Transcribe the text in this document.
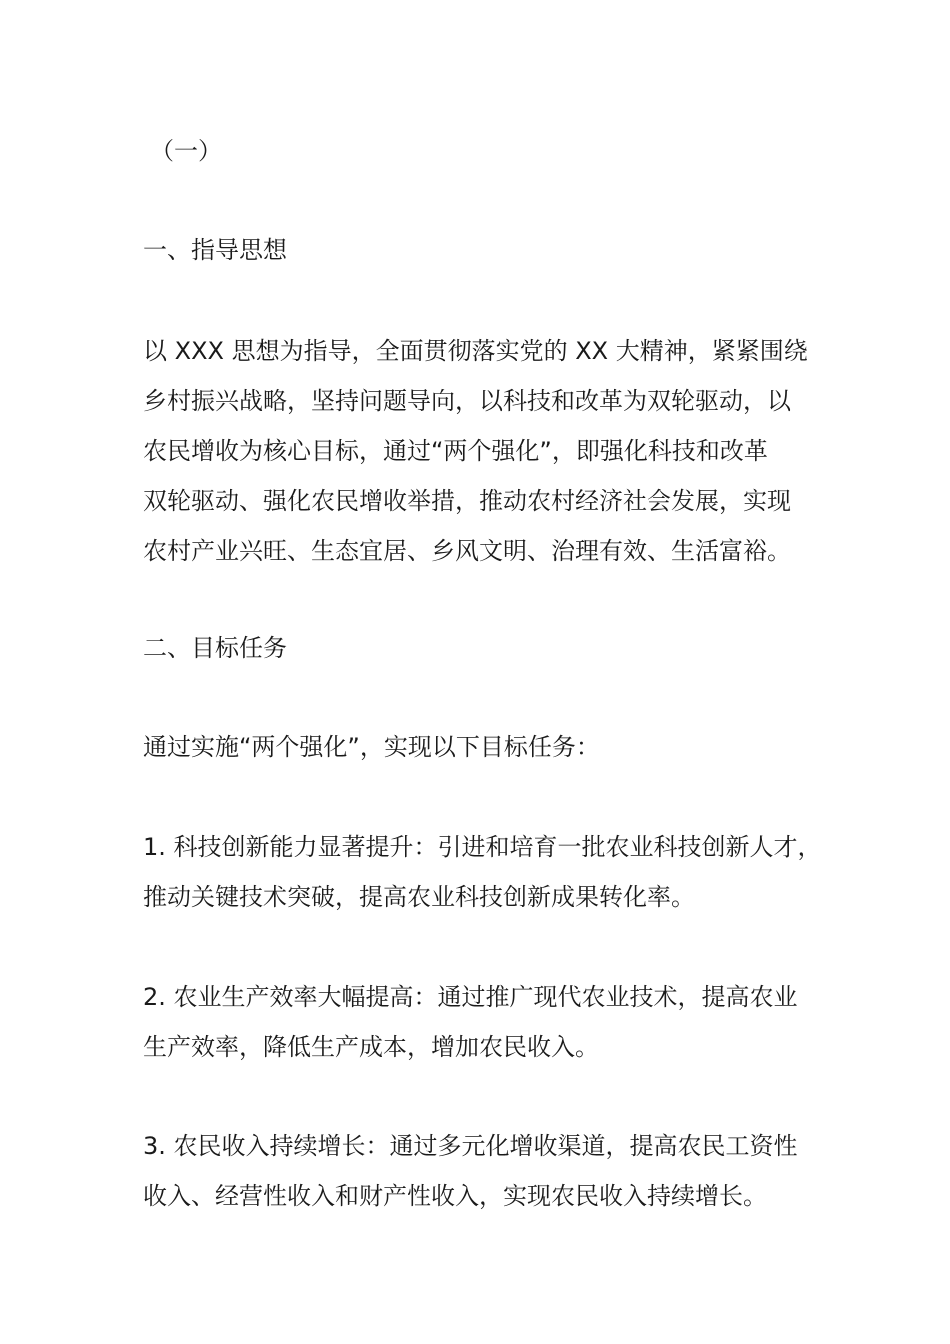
（一）

一、指导思想

以 XXX 思想为指导，全面贯彻落实党的 XX 大精神，紧紧围绕
乡村振兴战略，坚持问题导向，以科技和改革为双轮驱动，以
农民增收为核心目标，通过“两个强化”，即强化科技和改革
双轮驱动、强化农民增收举措，推动农村经济社会发展，实现
农村产业兴旺、生态宜居、乡风文明、治理有效、生活富裕。

二、目标任务

通过实施“两个强化”，实现以下目标任务：

1. 科技创新能力显著提升：引进和培育一批农业科技创新人才，
推动关键技术突破，提高农业科技创新成果转化率。

2. 农业生产效率大幅提高：通过推广现代农业技术，提高农业
生产效率，降低生产成本，增加农民收入。

3. 农民收入持续增长：通过多元化增收渠道，提高农民工资性
收入、经营性收入和财产性收入，实现农民收入持续增长。
